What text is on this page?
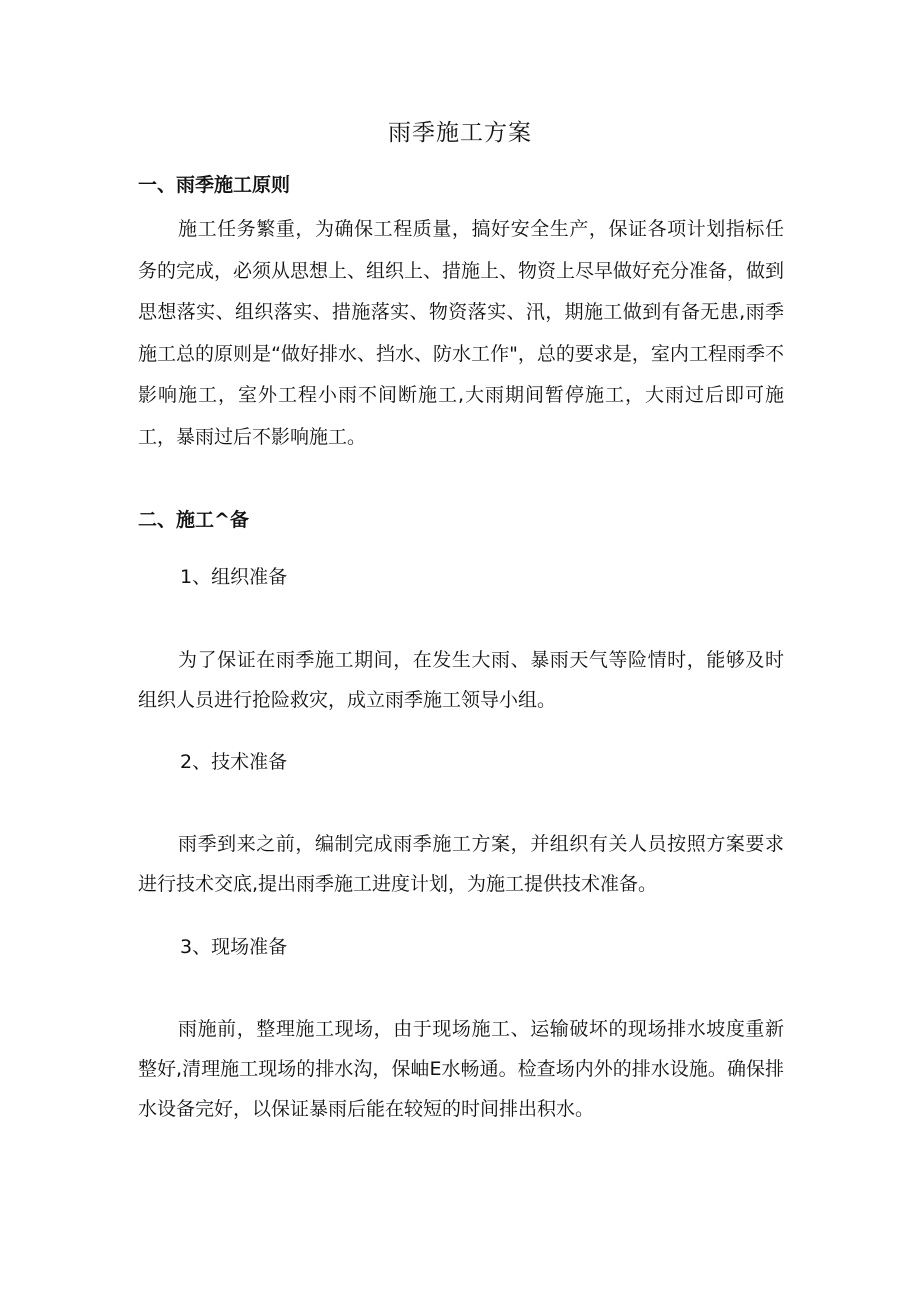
雨季施工方案
一、雨季施工原则
施工任务繁重，为确保工程质量，搞好安全生产，保证各项计划指标任务的完成，必须从思想上、组织上、措施上、物资上尽早做好充分准备，做到思想落实、组织落实、措施落实、物资落实、汛，期施工做到有备无患,雨季施工总的原则是“做好排水、挡水、防水工作"，总的要求是，室内工程雨季不影响施工，室外工程小雨不间断施工,大雨期间暂停施工，大雨过后即可施工，暴雨过后不影响施工。
二、施工^备
1、组织准备
为了保证在雨季施工期间，在发生大雨、暴雨天气等险情时，能够及时组织人员进行抢险救灾，成立雨季施工领导小组。
2、技术准备
雨季到来之前，编制完成雨季施工方案，并组织有关人员按照方案要求进行技术交底,提出雨季施工进度计划，为施工提供技术准备。
3、现场准备
雨施前，整理施工现场，由于现场施工、运输破坏的现场排水坡度重新整好,清理施工现场的排水沟，保岫E水畅通。检查场内外的排水设施。确保排水设备完好，以保证暴雨后能在较短的时间排出积水。
